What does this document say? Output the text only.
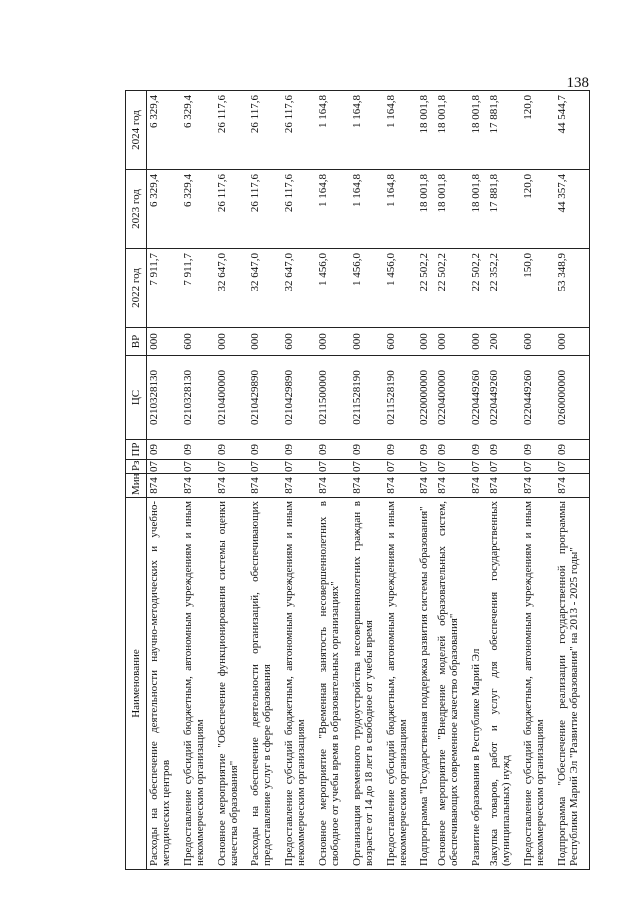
138
Наименование	Мин	Рз	ПР	ЦС	ВР	2022 год	2023 год	2024 год
Расходы на обеспечение деятельности научно-методических и учебно-методических центров	874	07	09	0210328130	000	7 911,7	6 329,4	6 329,4
Предоставление субсидий бюджетным, автономным учреждениям и иным некоммерческим организациям	874	07	09	0210328130	600	7 911,7	6 329,4	6 329,4
Основное мероприятие "Обеспечение функционирования системы оценки качества образования"	874	07	09	0210400000	000	32 647,0	26 117,6	26 117,6
Расходы на обеспечение деятельности организаций, обеспечивающих предоставление услуг в сфере образования	874	07	09	0210429890	000	32 647,0	26 117,6	26 117,6
Предоставление субсидий бюджетным, автономным учреждениям и иным некоммерческим организациям	874	07	09	0210429890	600	32 647,0	26 117,6	26 117,6
Основное мероприятие "Временная занятость несовершеннолетних в свободное от учебы время в образовательных организациях"	874	07	09	0211500000	000	1 456,0	1 164,8	1 164,8
Организация временного трудоустройства несовершеннолетних граждан в возрасте от 14 до 18 лет в свободное от учебы время	874	07	09	0211528190	000	1 456,0	1 164,8	1 164,8
Предоставление субсидий бюджетным, автономным учреждениям и иным некоммерческим организациям	874	07	09	0211528190	600	1 456,0	1 164,8	1 164,8
Подпрограмма "Государственная поддержка развития системы образования"	874	07	09	0220000000	000	22 502,2	18 001,8	18 001,8
Основное мероприятие "Внедрение моделей образовательных систем, обеспечивающих современное качество образования"	874	07	09	0220400000	000	22 502,2	18 001,8	18 001,8
Развитие образования в Республике Марий Эл	874	07	09	0220449260	000	22 502,2	18 001,8	18 001,8
Закупка товаров, работ и услуг для обеспечения государственных (муниципальных) нужд	874	07	09	0220449260	200	22 352,2	17 881,8	17 881,8
Предоставление субсидий бюджетным, автономным учреждениям и иным некоммерческим организациям	874	07	09	0220449260	600	150,0	120,0	120,0
Подпрограмма "Обеспечение реализации государственной программы Республики Марий Эл "Развитие образования" на 2013 - 2025 годы"	874	07	09	0260000000	000	53 348,9	44 357,4	44 544,7
